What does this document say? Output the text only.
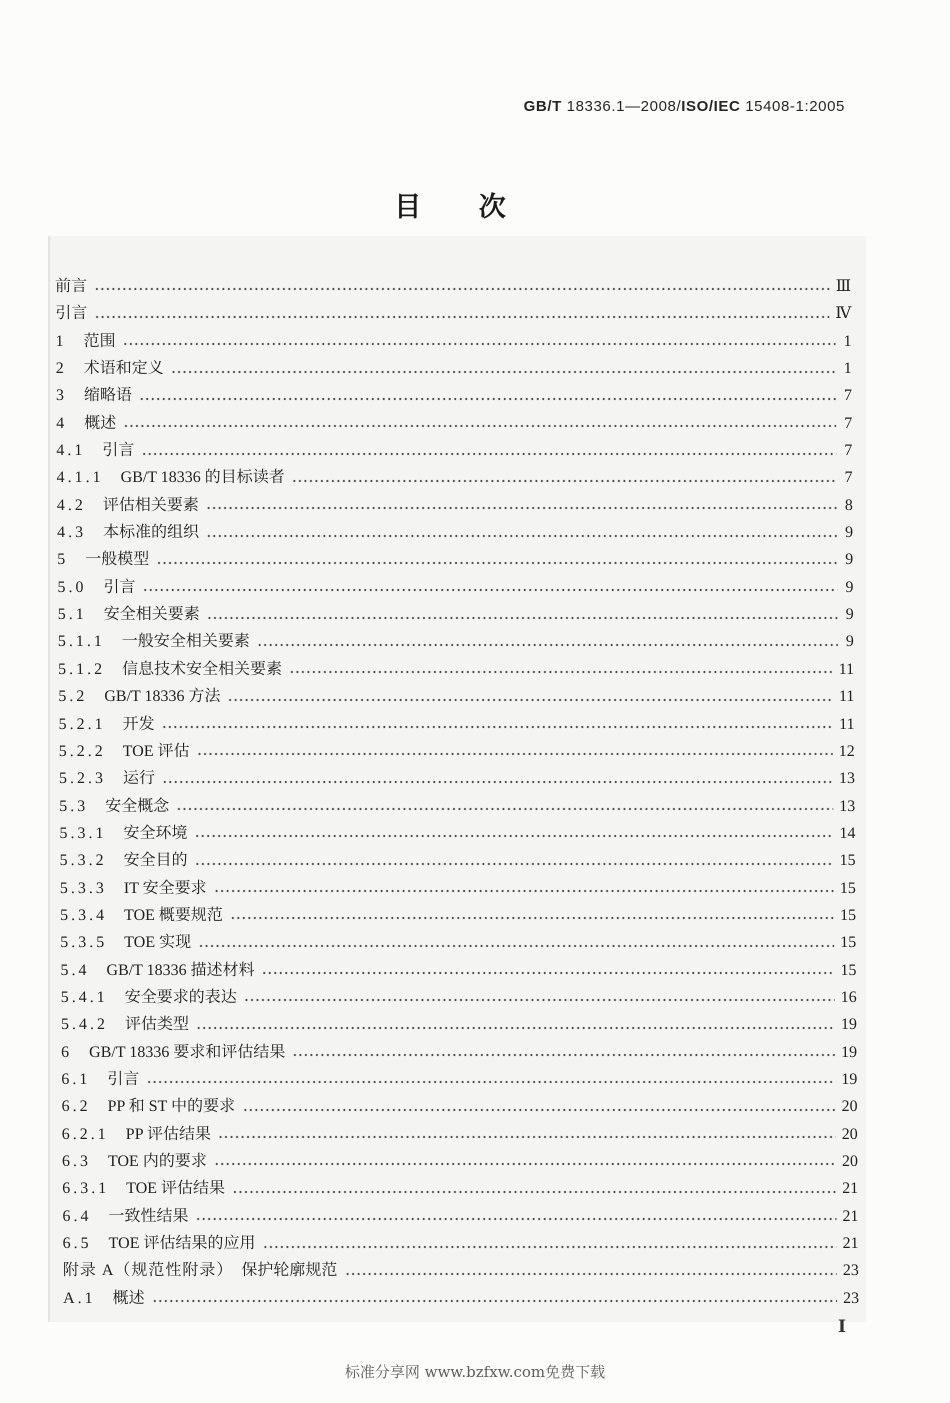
GB/T 18336.1—2008/ISO/IEC 15408-1:2005
目 次
前言	Ⅲ
引言	Ⅳ
1 范围	1
2 术语和定义	1
3 缩略语	7
4 概述	7
4.1 引言	7
4.1.1 GB/T 18336 的目标读者	7
4.2 评估相关要素	8
4.3 本标准的组织	9
5 一般模型	9
5.0 引言	9
5.1 安全相关要素	9
5.1.1 一般安全相关要素	9
5.1.2 信息技术安全相关要素	11
5.2 GB/T 18336 方法	11
5.2.1 开发	11
5.2.2 TOE 评估	12
5.2.3 运行	13
5.3 安全概念	13
5.3.1 安全环境	14
5.3.2 安全目的	15
5.3.3 IT 安全要求	15
5.3.4 TOE 概要规范	15
5.3.5 TOE 实现	15
5.4 GB/T 18336 描述材料	15
5.4.1 安全要求的表达	16
5.4.2 评估类型	19
6 GB/T 18336 要求和评估结果	19
6.1 引言	19
6.2 PP 和 ST 中的要求	20
6.2.1 PP 评估结果	20
6.3 TOE 内的要求	20
6.3.1 TOE 评估结果	21
6.4 一致性结果	21
6.5 TOE 评估结果的应用	21
附录 A（规范性附录） 保护轮廓规范	23
A.1 概述	23
Ⅰ
标准分享网 www.bzfxw.com免费下载
